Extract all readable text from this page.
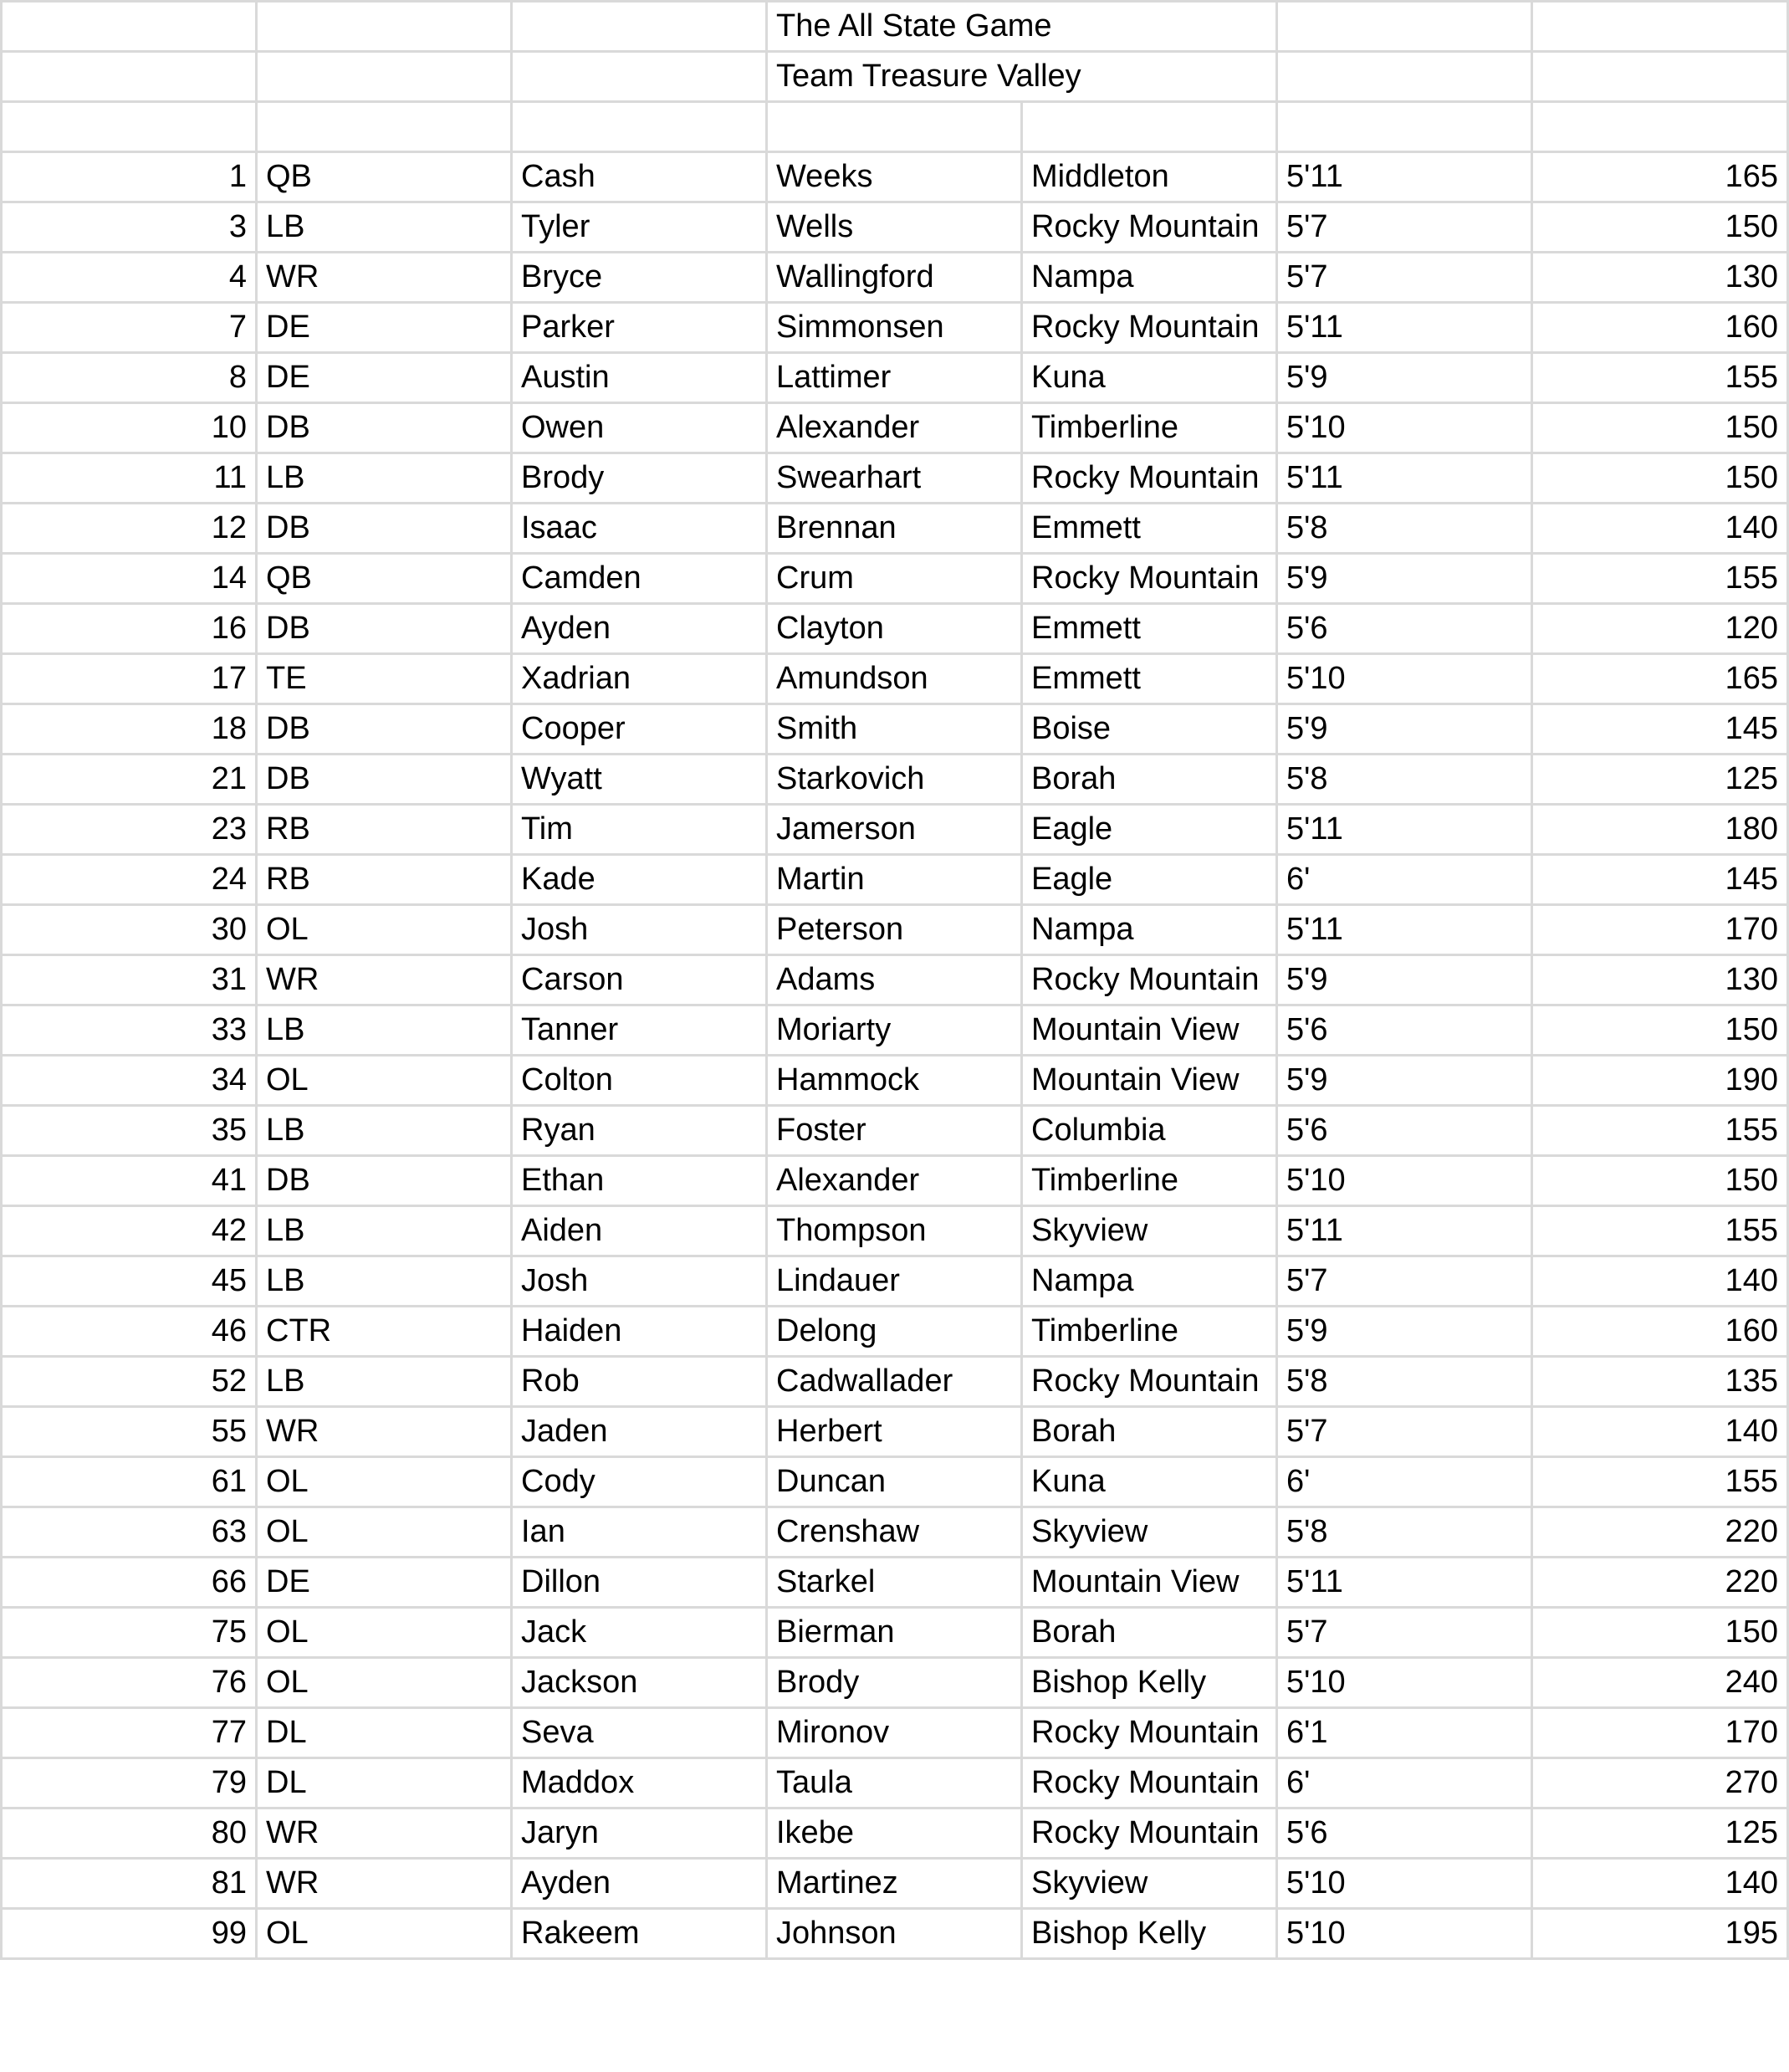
			The All State Game			
			Team Treasure Valley			

1	QB	Cash	Weeks	Middleton	5'11	165
3	LB	Tyler	Wells	Rocky Mountain	5'7	150
4	WR	Bryce	Wallingford	Nampa	5'7	130
7	DE	Parker	Simmonsen	Rocky Mountain	5'11	160
8	DE	Austin	Lattimer	Kuna	5'9	155
10	DB	Owen	Alexander	Timberline	5'10	150
11	LB	Brody	Swearhart	Rocky Mountain	5'11	150
12	DB	Isaac	Brennan	Emmett	5'8	140
14	QB	Camden	Crum	Rocky Mountain	5'9	155
16	DB	Ayden	Clayton	Emmett	5'6	120
17	TE	Xadrian	Amundson	Emmett	5'10	165
18	DB	Cooper	Smith	Boise	5'9	145
21	DB	Wyatt	Starkovich	Borah	5'8	125
23	RB	Tim	Jamerson	Eagle	5'11	180
24	RB	Kade	Martin	Eagle	6'	145
30	OL	Josh	Peterson	Nampa	5'11	170
31	WR	Carson	Adams	Rocky Mountain	5'9	130
33	LB	Tanner	Moriarty	Mountain View	5'6	150
34	OL	Colton	Hammock	Mountain View	5'9	190
35	LB	Ryan	Foster	Columbia	5'6	155
41	DB	Ethan	Alexander	Timberline	5'10	150
42	LB	Aiden	Thompson	Skyview	5'11	155
45	LB	Josh	Lindauer	Nampa	5'7	140
46	CTR	Haiden	Delong	Timberline	5'9	160
52	LB	Rob	Cadwallader	Rocky Mountain	5'8	135
55	WR	Jaden	Herbert	Borah	5'7	140
61	OL	Cody	Duncan	Kuna	6'	155
63	OL	Ian	Crenshaw	Skyview	5'8	220
66	DE	Dillon	Starkel	Mountain View	5'11	220
75	OL	Jack	Bierman	Borah	5'7	150
76	OL	Jackson	Brody	Bishop Kelly	5'10	240
77	DL	Seva	Mironov	Rocky Mountain	6'1	170
79	DL	Maddox	Taula	Rocky Mountain	6'	270
80	WR	Jaryn	Ikebe	Rocky Mountain	5'6	125
81	WR	Ayden	Martinez	Skyview	5'10	140
99	OL	Rakeem	Johnson	Bishop Kelly	5'10	195
